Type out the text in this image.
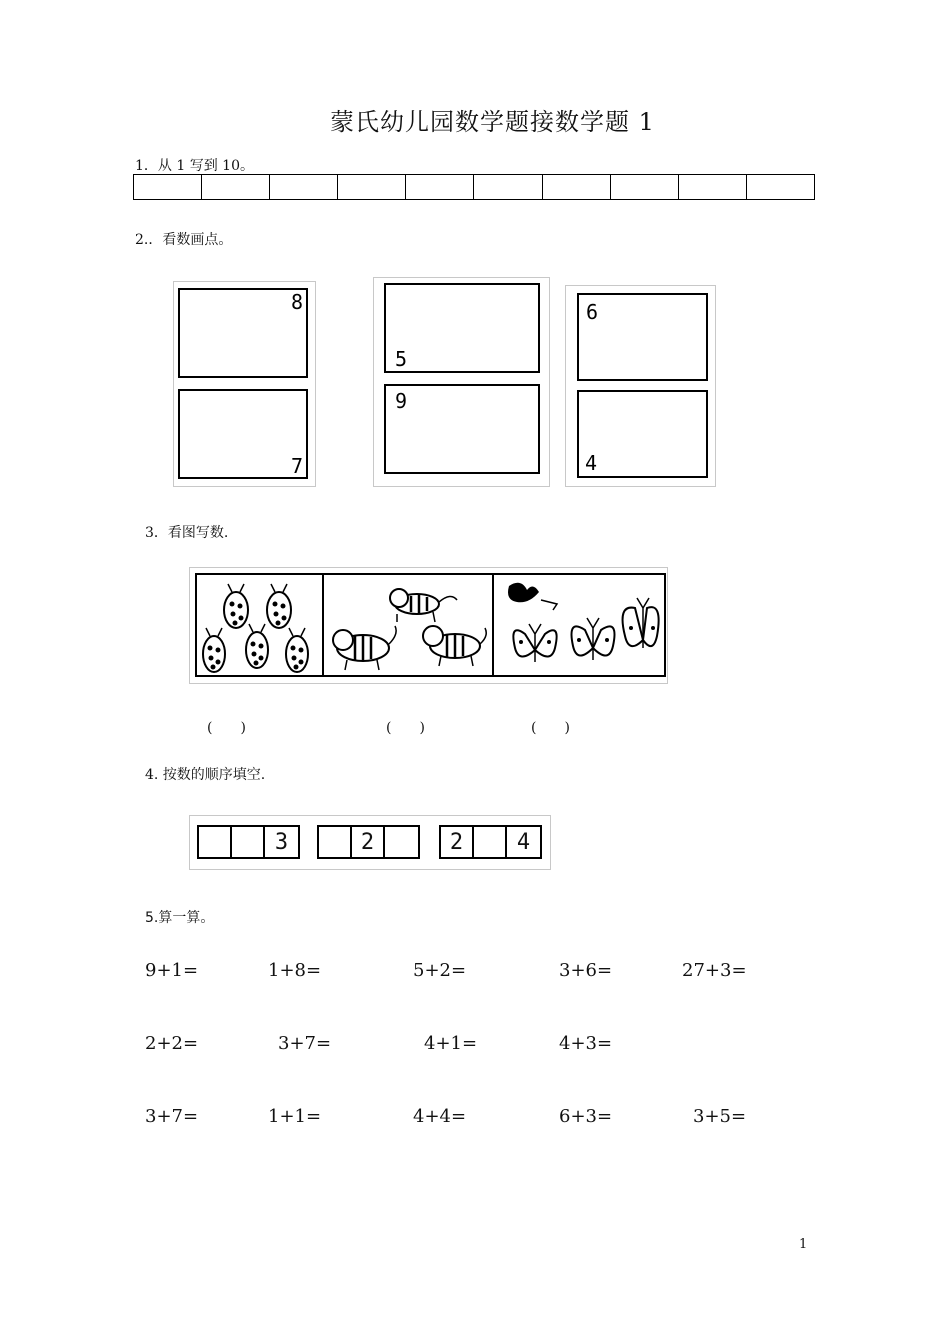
蒙氏幼儿园数学题接数学题 1
1．从 1 写到 10。
2.．看数画点。
8
7
5
9
6
4
3．看图写数.
(　　)	(　　)	(　　)
4. 按数的顺序填空.
3	2	2	4
5.算一算。
9+1=	1+8=	5+2=	3+6=	27+3=
2+2=	3+7=	4+1=	4+3=
3+7=	1+1=	4+4=	6+3=	3+5=
1
